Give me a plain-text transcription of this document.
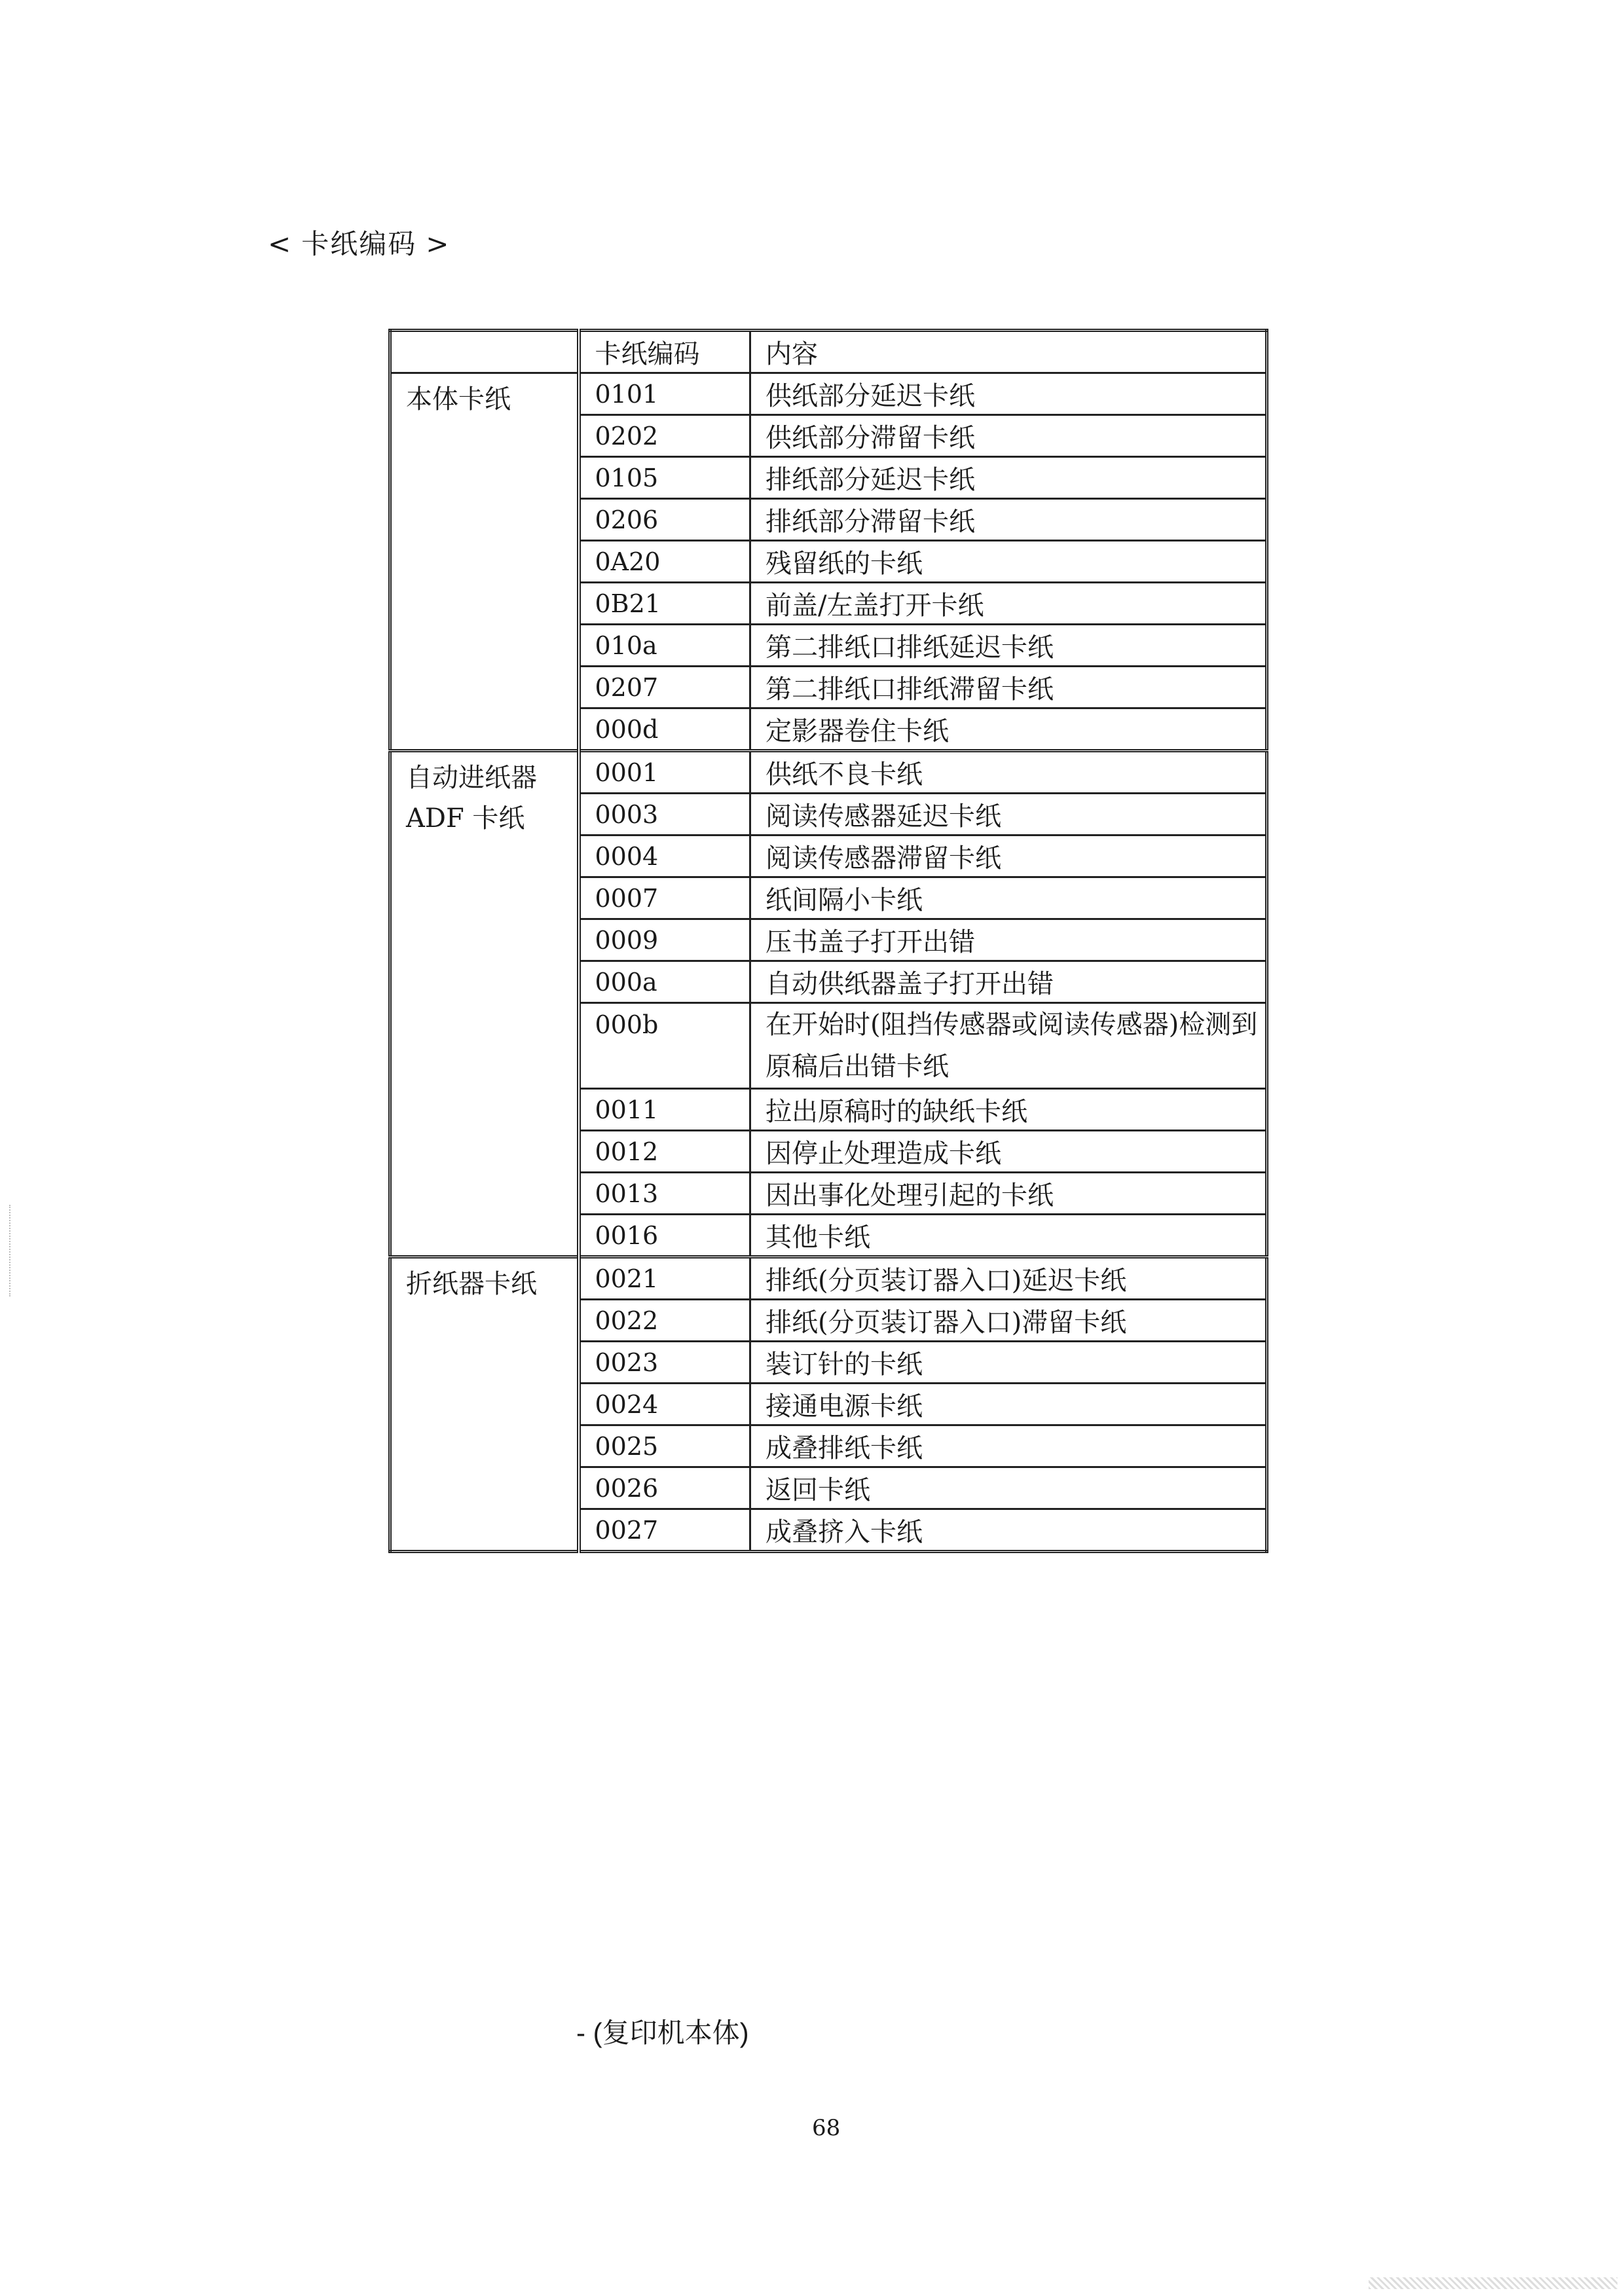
< 卡纸编码 >
	卡纸编码	内容

本体卡纸	0101	供纸部分延迟卡纸
	0202	供纸部分滞留卡纸
	0105	排纸部分延迟卡纸
	0206	排纸部分滞留卡纸
	0A20	残留纸的卡纸
	0B21	前盖/左盖打开卡纸
	010a	第二排纸口排纸延迟卡纸
	0207	第二排纸口排纸滞留卡纸
	000d	定影器卷住卡纸

自动进纸器
ADF 卡纸	0001	供纸不良卡纸
	0003	阅读传感器延迟卡纸
	0004	阅读传感器滞留卡纸
	0007	纸间隔小卡纸
	0009	压书盖子打开出错
	000a	自动供纸器盖子打开出错
	000b	在开始时(阻挡传感器或阅读传感器)检测到原稿后出错卡纸
	0011	拉出原稿时的缺纸卡纸
	0012	因停止处理造成卡纸
	0013	因出事化处理引起的卡纸
	0016	其他卡纸

折纸器卡纸	0021	排纸(分页装订器入口)延迟卡纸
	0022	排纸(分页装订器入口)滞留卡纸
	0023	装订针的卡纸
	0024	接通电源卡纸
	0025	成叠排纸卡纸
	0026	返回卡纸
	0027	成叠挤入卡纸
- (复印机本体)
68
